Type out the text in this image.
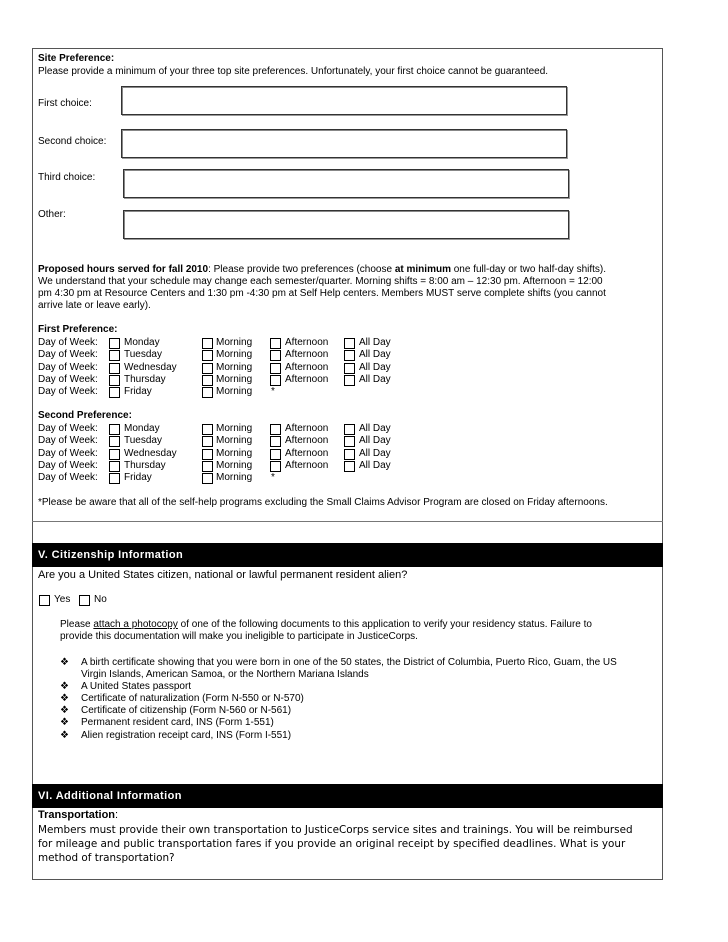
Site Preference:
Please provide a minimum of your three top site preferences. Unfortunately, your first choice cannot be guaranteed.
First choice:
Second choice:
Third choice:
Other:
Proposed hours served for fall 2010: Please provide two preferences (choose at minimum one full-day or two half-day shifts).
We understand that your schedule may change each semester/quarter. Morning shifts = 8:00 am – 12:30 pm. Afternoon = 12:00
pm 4:30 pm at Resource Centers and 1:30 pm -4:30 pm at Self Help centers. Members MUST serve complete shifts (you cannot
arrive late or leave early).
First Preference:
Day of Week:	Monday	Morning	Afternoon	All Day
Day of Week:	Tuesday	Morning	Afternoon	All Day
Day of Week:	Wednesday	Morning	Afternoon	All Day
Day of Week:	Thursday	Morning	Afternoon	All Day
Day of Week:	Friday	Morning *
Second Preference:
Day of Week:	Monday	Morning	Afternoon	All Day
Day of Week:	Tuesday	Morning	Afternoon	All Day
Day of Week:	Wednesday	Morning	Afternoon	All Day
Day of Week:	Thursday	Morning	Afternoon	All Day
Day of Week:	Friday	Morning *
*Please be aware that all of the self-help programs excluding the Small Claims Advisor Program are closed on Friday afternoons.
V. Citizenship Information
Are you a United States citizen, national or lawful permanent resident alien?
Yes No
Please attach a photocopy of one of the following documents to this application to verify your residency status. Failure to
provide this documentation will make you ineligible to participate in JusticeCorps.
❖ A birth certificate showing that you were born in one of the 50 states, the District of Columbia, Puerto Rico, Guam, the US
Virgin Islands, American Samoa, or the Northern Mariana Islands
❖ A United States passport
❖ Certificate of naturalization (Form N-550 or N-570)
❖ Certificate of citizenship (Form N-560 or N-561)
❖ Permanent resident card, INS (Form 1-551)
❖ Alien registration receipt card, INS (Form I-551)
VI. Additional Information
Transportation:
Members must provide their own transportation to JusticeCorps service sites and trainings. You will be reimbursed
for mileage and public transportation fares if you provide an original receipt by specified deadlines. What is your
method of transportation?
